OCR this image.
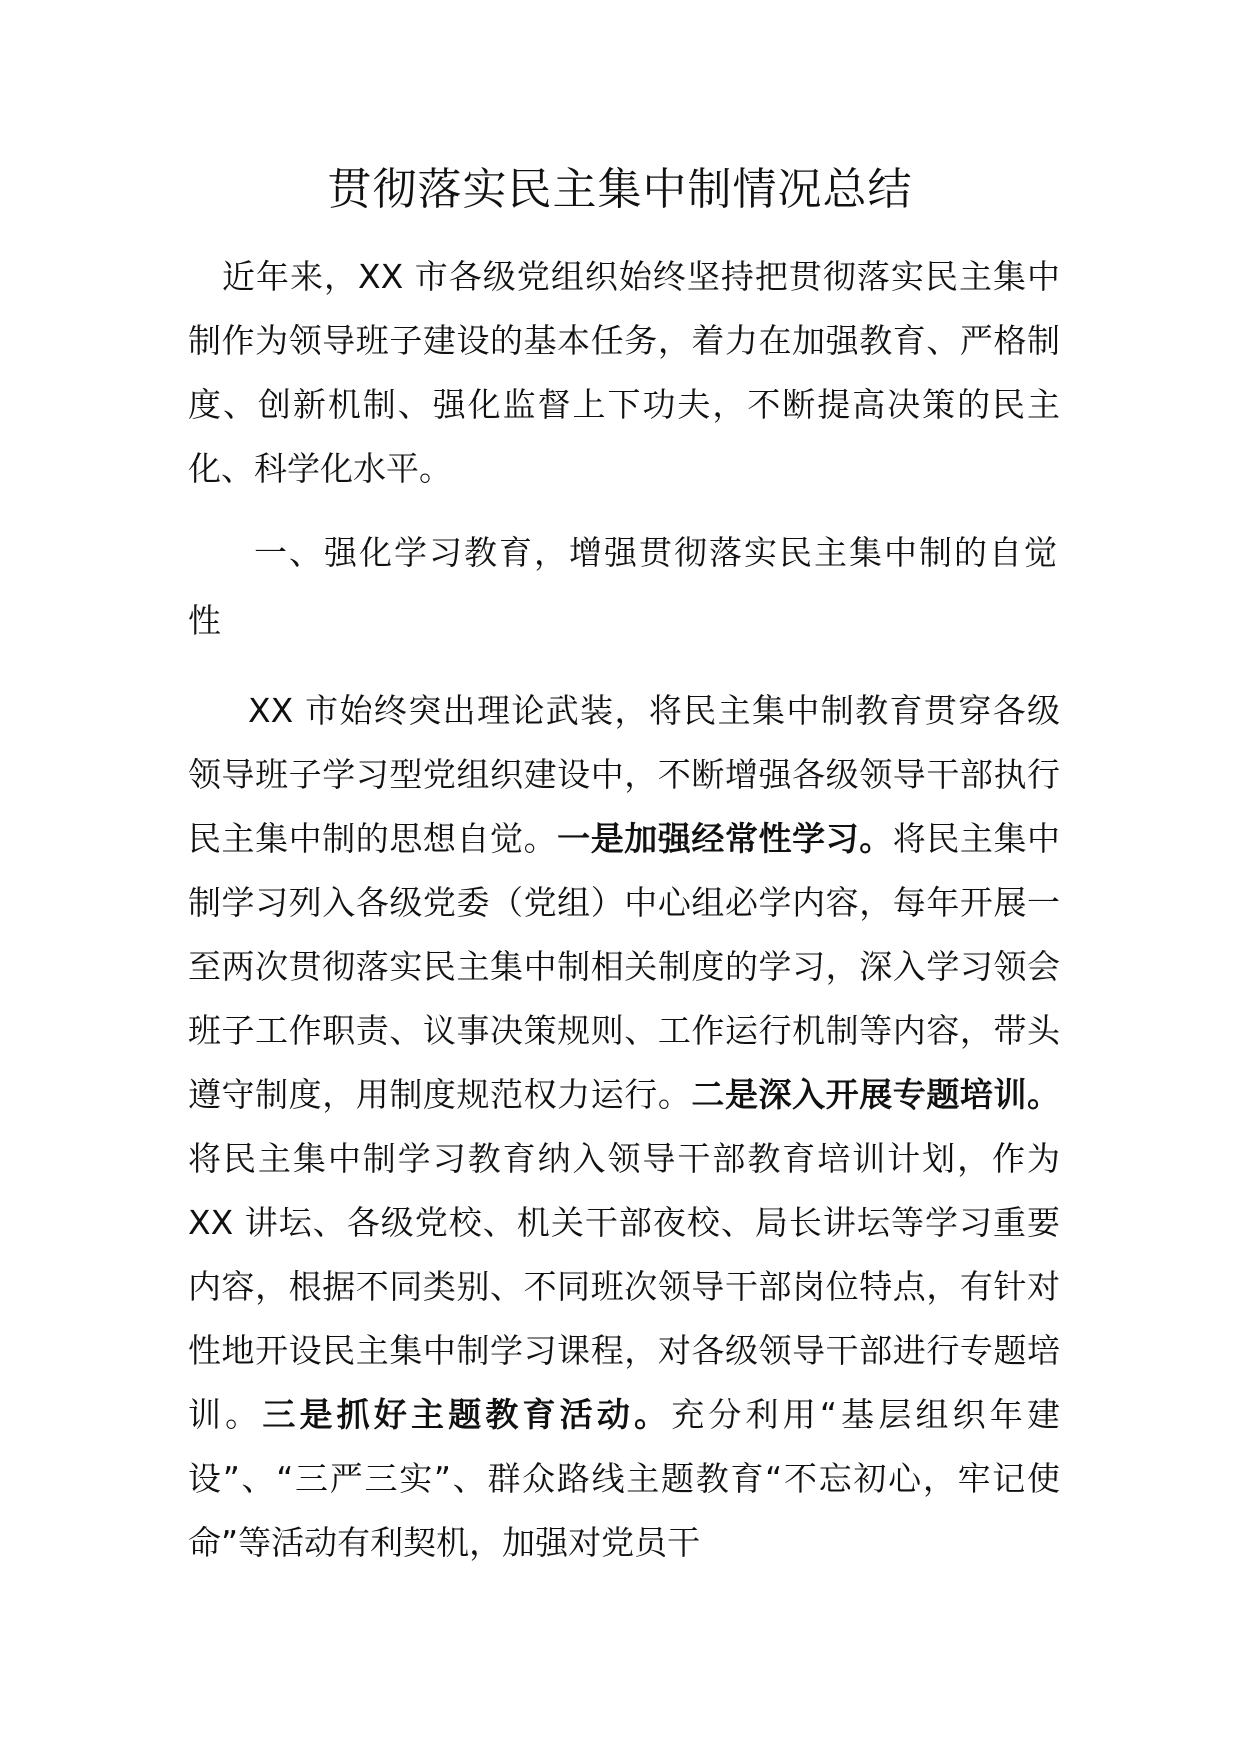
贯彻落实民主集中制情况总结

近年来，XX 市各级党组织始终坚持把贯彻落实民主集中制作为领导班子建设的基本任务，着力在加强教育、严格制度、创新机制、强化监督上下功夫，不断提高决策的民主化、科学化水平。

一、强化学习教育，增强贯彻落实民主集中制的自觉性

XX 市始终突出理论武装，将民主集中制教育贯穿各级领导班子学习型党组织建设中，不断增强各级领导干部执行民主集中制的思想自觉。一是加强经常性学习。将民主集中制学习列入各级党委（党组）中心组必学内容，每年开展一至两次贯彻落实民主集中制相关制度的学习，深入学习领会班子工作职责、议事决策规则、工作运行机制等内容，带头遵守制度，用制度规范权力运行。二是深入开展专题培训。将民主集中制学习教育纳入领导干部教育培训计划，作为 XX 讲坛、各级党校、机关干部夜校、局长讲坛等学习重要内容，根据不同类别、不同班次领导干部岗位特点，有针对性地开设民主集中制学习课程，对各级领导干部进行专题培训。三是抓好主题教育活动。充分利用“基层组织年建设”、“三严三实”、群众路线主题教育“不忘初心，牢记使命”等活动有利契机，加强对党员干
